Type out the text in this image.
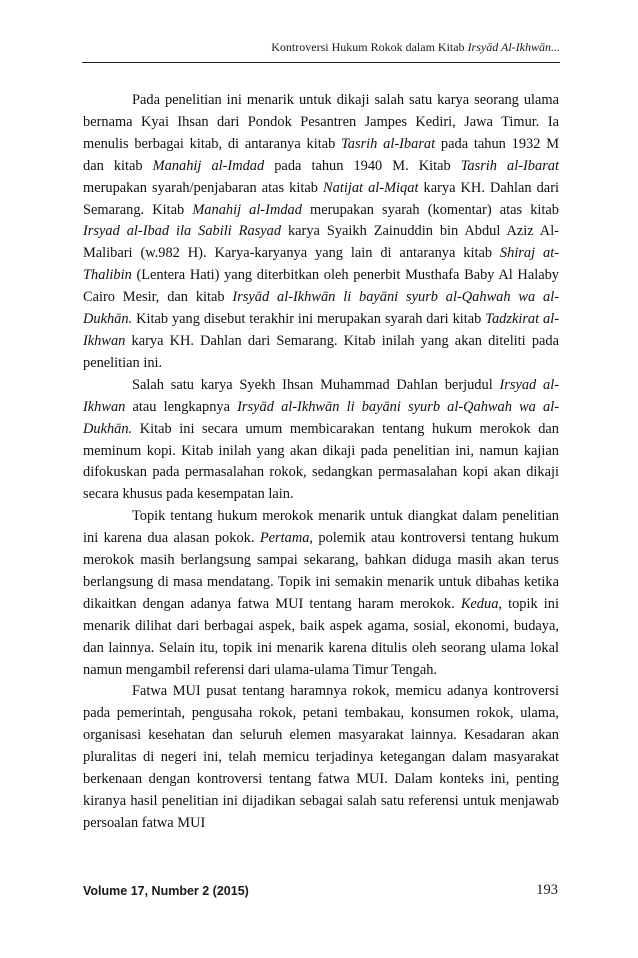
Kontroversi Hukum Rokok dalam Kitab Irsyād Al-Ikhwān...

Pada penelitian ini menarik untuk dikaji salah satu karya seorang ulama bernama Kyai Ihsan dari Pondok Pesantren Jampes Kediri, Jawa Timur. Ia menulis berbagai kitab, di antaranya kitab Tasrih al-Ibarat pada tahun 1932 M dan kitab Manahij al-Imdad pada tahun 1940 M. Kitab Tasrih al-Ibarat merupakan syarah/penjabaran atas kitab Natijat al-Miqat karya KH. Dahlan dari Semarang. Kitab Manahij al-Imdad merupakan syarah (komentar) atas kitab Irsyad al-Ibad ila Sabili Rasyad karya Syaikh Zainuddin bin Abdul Aziz Al-Malibari (w.982 H). Karya-karyanya yang lain di antaranya kitab Shiraj at-Thalibin (Lentera Hati) yang diterbitkan oleh penerbit Musthafa Baby Al Halaby Cairo Mesir, dan kitab Irsyād al-Ikhwān li bayāni syurb al-Qahwah wa al-Dukhān. Kitab yang disebut terakhir ini merupakan syarah dari kitab Tadzkirat al-Ikhwan karya KH. Dahlan dari Semarang. Kitab inilah yang akan diteliti pada penelitian ini.

Salah satu karya Syekh Ihsan Muhammad Dahlan berjudul Irsyad al-Ikhwan atau lengkapnya Irsyād al-Ikhwān li bayāni syurb al-Qahwah wa al-Dukhān. Kitab ini secara umum membicarakan tentang hukum merokok dan meminum kopi. Kitab inilah yang akan dikaji pada penelitian ini, namun kajian difokuskan pada permasalahan rokok, sedangkan permasalahan kopi akan dikaji secara khusus pada kesempatan lain.

Topik tentang hukum merokok menarik untuk diangkat dalam penelitian ini karena dua alasan pokok. Pertama, polemik atau kontroversi tentang hukum merokok masih berlangsung sampai sekarang, bahkan diduga masih akan terus berlangsung di masa mendatang. Topik ini semakin menarik untuk dibahas ketika dikaitkan dengan adanya fatwa MUI tentang haram merokok. Kedua, topik ini menarik dilihat dari berbagai aspek, baik aspek agama, sosial, ekonomi, budaya, dan lainnya. Selain itu, topik ini menarik karena ditulis oleh seorang ulama lokal namun mengambil referensi dari ulama-ulama Timur Tengah.

Fatwa MUI pusat tentang haramnya rokok, memicu adanya kontroversi pada pemerintah, pengusaha rokok, petani tembakau, konsumen rokok, ulama, organisasi kesehatan dan seluruh elemen masyarakat lainnya. Kesadaran akan pluralitas di negeri ini, telah memicu terjadinya ketegangan dalam masyarakat berkenaan dengan kontroversi tentang fatwa MUI. Dalam konteks ini, penting kiranya hasil penelitian ini dijadikan sebagai salah satu referensi untuk menjawab persoalan fatwa MUI

Volume 17, Number 2 (2015)	193
